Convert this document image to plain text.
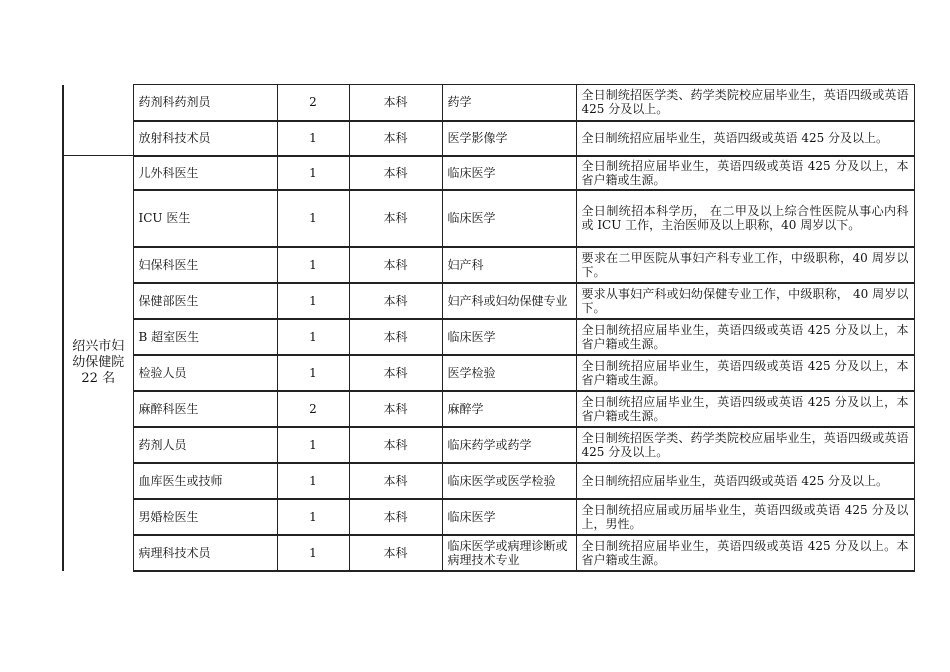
	药剂科药剂员	2	本科	药学	全日制统招医学类、药学类院校应届毕业生，英语四级或英语 425 分及以上。
	放射科技术员	1	本科	医学影像学	全日制统招应届毕业生，英语四级或英语 425 分及以上。
绍兴市妇幼保健院22 名	儿外科医生	1	本科	临床医学	全日制统招应届毕业生，英语四级或英语 425 分及以上，本省户籍或生源。
	ICU 医生	1	本科	临床医学	全日制统招本科学历， 在二甲及以上综合性医院从事心内科或 ICU 工作，主治医师及以上职称，40 周岁以下。
	妇保科医生	1	本科	妇产科	要求在二甲医院从事妇产科专业工作，中级职称，40 周岁以下。
	保健部医生	1	本科	妇产科或妇幼保健专业	要求从事妇产科或妇幼保健专业工作，中级职称， 40 周岁以下。
	B 超室医生	1	本科	临床医学	全日制统招应届毕业生，英语四级或英语 425 分及以上，本省户籍或生源。
	检验人员	1	本科	医学检验	全日制统招应届毕业生，英语四级或英语 425 分及以上，本省户籍或生源。
	麻醉科医生	2	本科	麻醉学	全日制统招应届毕业生，英语四级或英语 425 分及以上，本省户籍或生源。
	药剂人员	1	本科	临床药学或药学	全日制统招医学类、药学类院校应届毕业生，英语四级或英语 425 分及以上。
	血库医生或技师	1	本科	临床医学或医学检验	全日制统招应届毕业生，英语四级或英语 425 分及以上。
	男婚检医生	1	本科	临床医学	全日制统招应届或历届毕业生，英语四级或英语 425 分及以上，男性。
	病理科技术员	1	本科	临床医学或病理诊断或病理技术专业	全日制统招应届毕业生，英语四级或英语 425 分及以上。本省户籍或生源。
